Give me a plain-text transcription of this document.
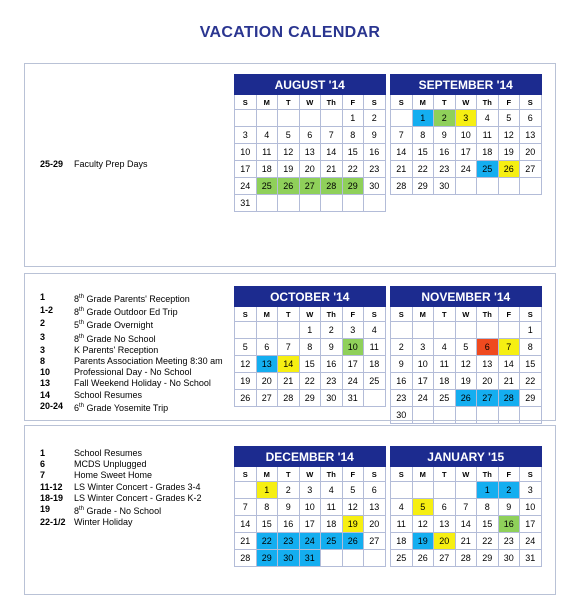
VACATION CALENDAR
25-29	Faculty Prep Days
AUGUST '14						
S	M	T	W	Th	F	S
					1	2
3	4	5	6	7	8	9
10	11	12	13	14	15	16
17	18	19	20	21	22	23
24	25	26	27	28	29	30
31						
SEPTEMBER '14						
S	M	T	W	Th	F	S
	1	2	3	4	5	6
7	8	9	10	11	12	13
14	15	16	17	18	19	20
21	22	23	24	25	26	27
28	29	30				
1	8th Grade Parents' Reception
1-2	8th Grade Outdoor Ed Trip
2	5th Grade Overnight
3	8th Grade No School
3	K Parents' Reception
8	Parents Association Meeting 8:30 am
10	Professional Day - No School
13	Fall Weekend Holiday - No School
14	School Resumes
20-24	6th Grade Yosemite Trip
OCTOBER '14						
S	M	T	W	Th	F	S
			1	2	3	4
5	6	7	8	9	10	11
12	13	14	15	16	17	18
19	20	21	22	23	24	25
26	27	28	29	30	31	
NOVEMBER '14						
S	M	T	W	Th	F	S
						1
2	3	4	5	6	7	8
9	10	11	12	13	14	15
16	17	18	19	20	21	22
23	24	25	26	27	28	29
30						
1	School Resumes
6	MCDS Unplugged
7	Home Sweet Home
11-12	LS Winter Concert - Grades 3-4
18-19	LS Winter Concert - Grades K-2
19	8th Grade - No School
22-1/2 Winter Holiday
DECEMBER '14						
S	M	T	W	Th	F	S
	1	2	3	4	5	6
7	8	9	10	11	12	13
14	15	16	17	18	19	20
21	22	23	24	25	26	27
28	29	30	31			
JANUARY '15						
S	M	T	W	Th	F	S
				1	2	3
4	5	6	7	8	9	10
11	12	13	14	15	16	17
18	19	20	21	22	23	24
25	26	27	28	29	30	31
